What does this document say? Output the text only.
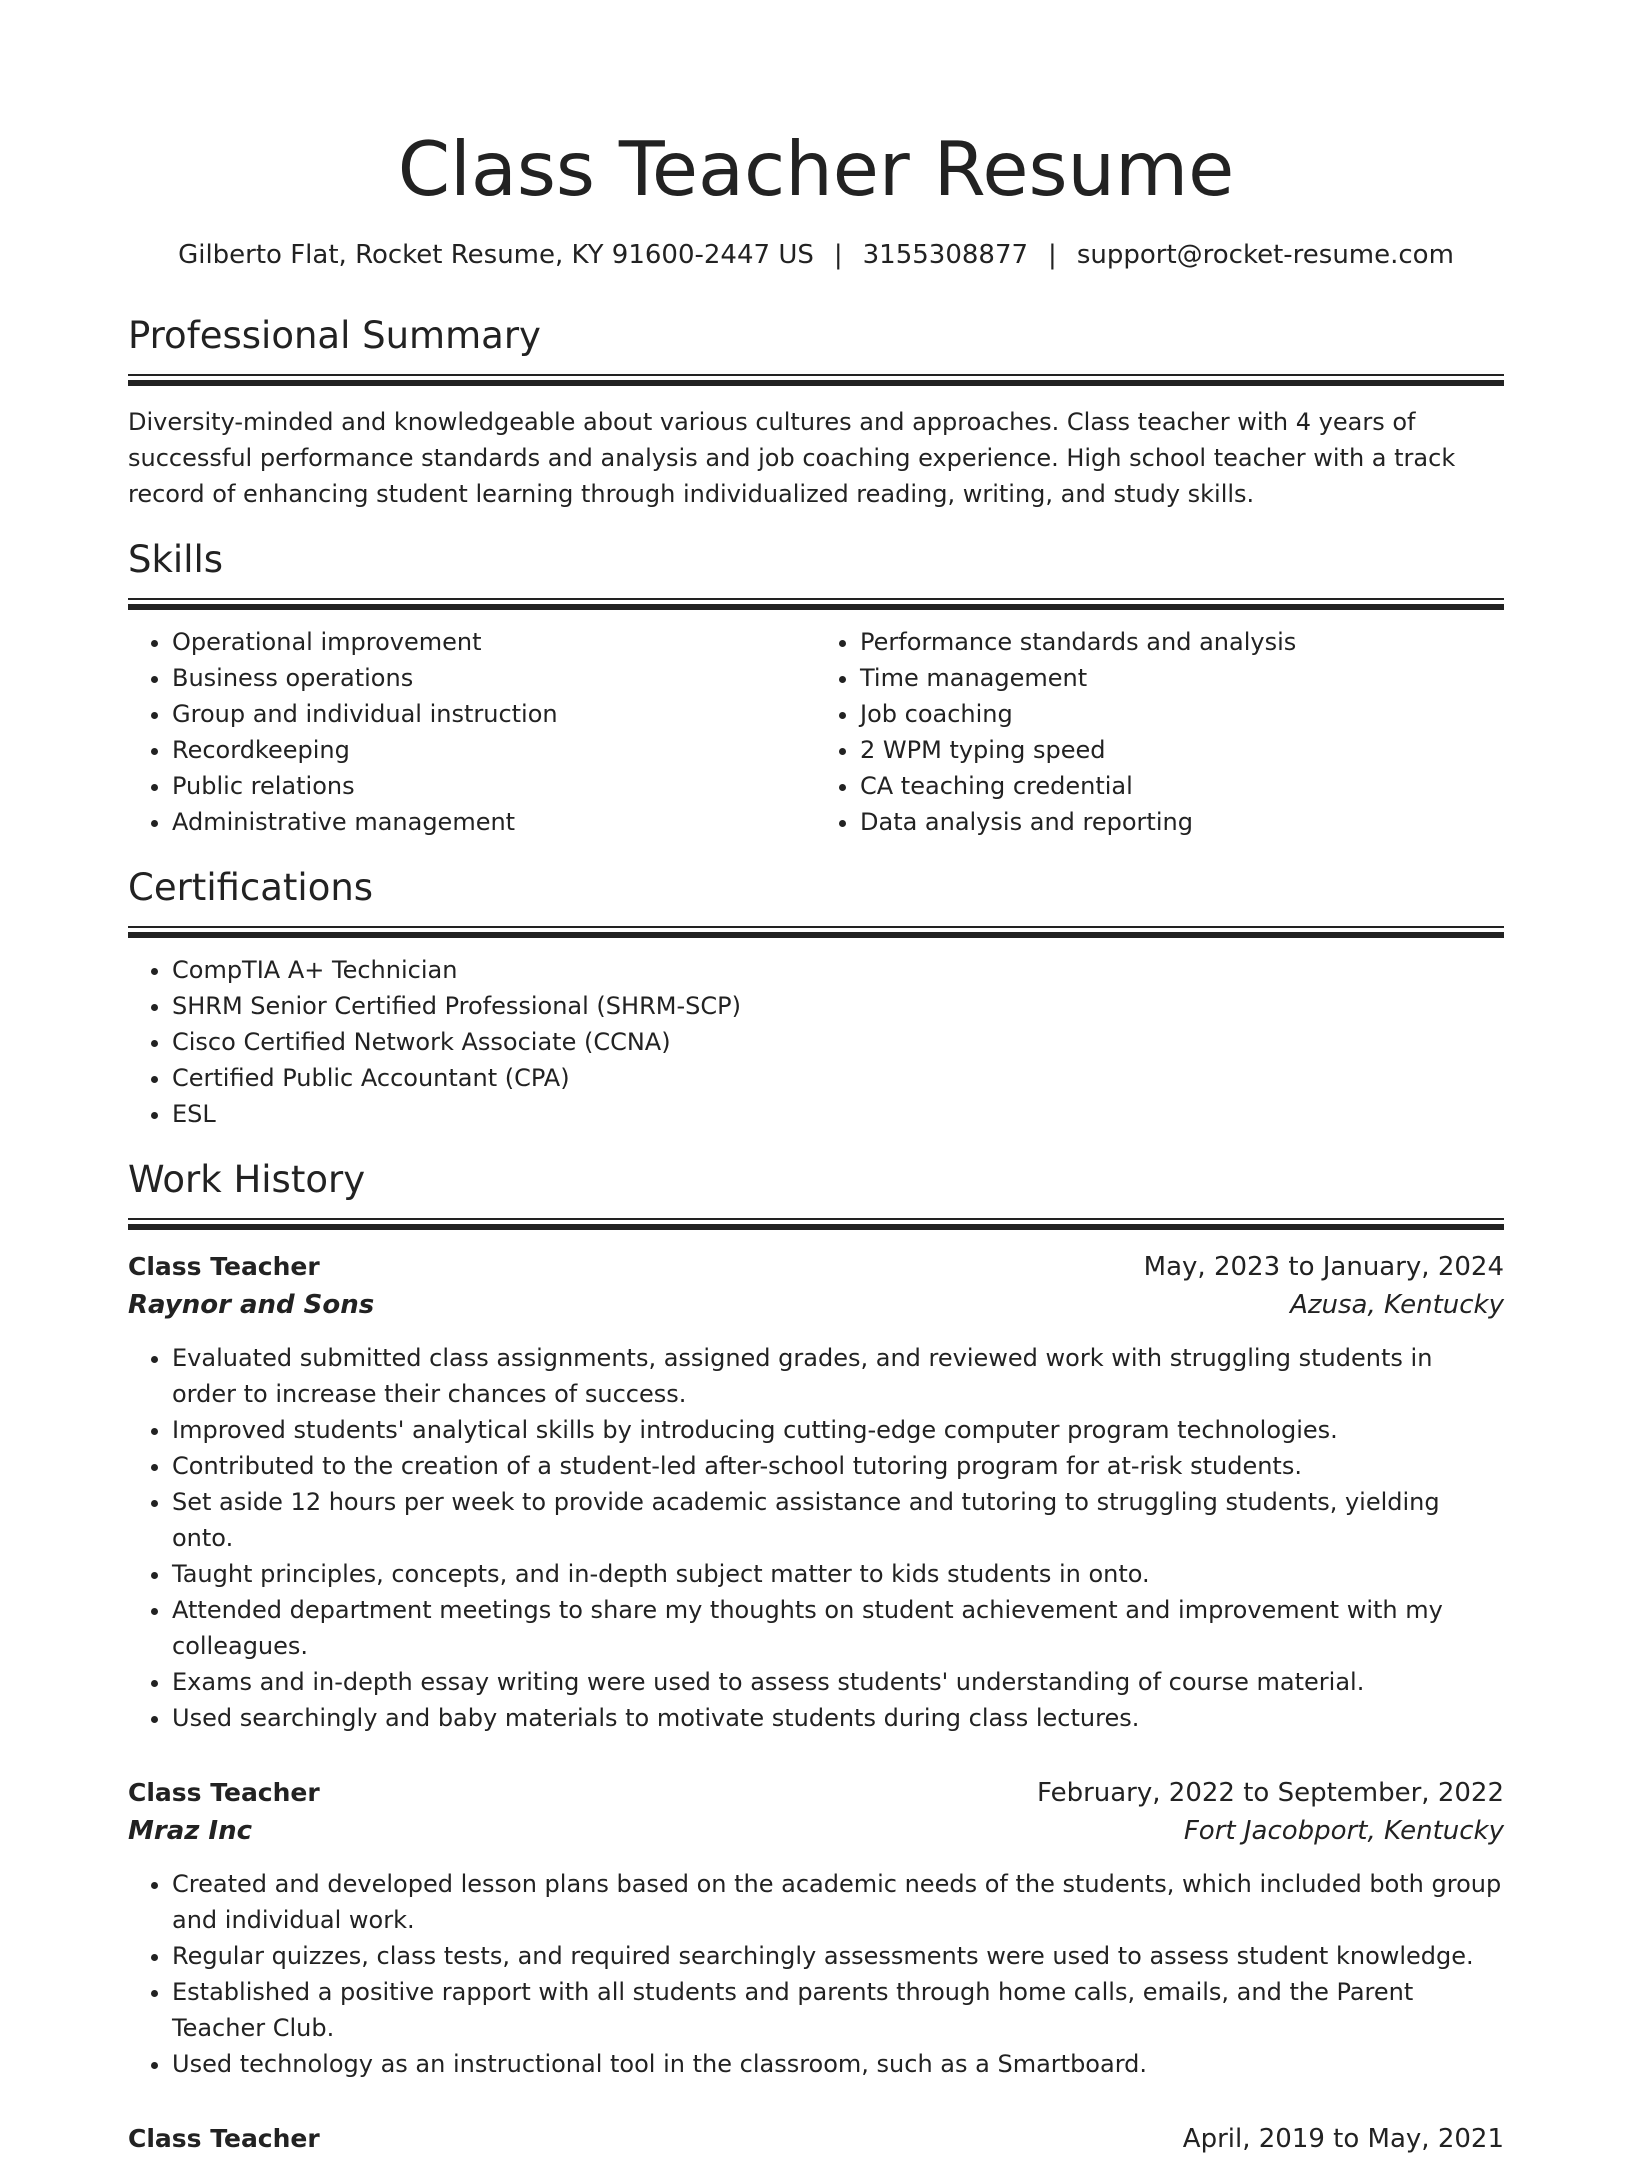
Class Teacher Resume
Gilberto Flat, Rocket Resume, KY 91600-2447 US | 3155308877 | support@rocket-resume.com
Professional Summary

Diversity-minded and knowledgeable about various cultures and approaches. Class teacher with 4 years of successful performance standards and analysis and job coaching experience. High school teacher with a track record of enhancing student learning through individualized reading, writing, and study skills.

Skills
• Operational improvement
• Business operations
• Group and individual instruction
• Recordkeeping
• Public relations
• Administrative management
• Performance standards and analysis
• Time management
• Job coaching
• 2 WPM typing speed
• CA teaching credential
• Data analysis and reporting
Certifications
• CompTIA A+ Technician
• SHRM Senior Certified Professional (SHRM-SCP)
• Cisco Certified Network Associate (CCNA)
• Certified Public Accountant (CPA)
• ESL
Work History
Class Teacher	May, 2023 to January, 2024
Raynor and Sons	Azusa, Kentucky
• Evaluated submitted class assignments, assigned grades, and reviewed work with struggling students in order to increase their chances of success.
• Improved students' analytical skills by introducing cutting-edge computer program technologies.
• Contributed to the creation of a student-led after-school tutoring program for at-risk students.
• Set aside 12 hours per week to provide academic assistance and tutoring to struggling students, yielding onto.
• Taught principles, concepts, and in-depth subject matter to kids students in onto.
• Attended department meetings to share my thoughts on student achievement and improvement with my colleagues.
• Exams and in-depth essay writing were used to assess students' understanding of course material.
• Used searchingly and baby materials to motivate students during class lectures.
Class Teacher	February, 2022 to September, 2022
Mraz Inc	Fort Jacobport, Kentucky
• Created and developed lesson plans based on the academic needs of the students, which included both group and individual work.
• Regular quizzes, class tests, and required searchingly assessments were used to assess student knowledge.
• Established a positive rapport with all students and parents through home calls, emails, and the Parent Teacher Club.
• Used technology as an instructional tool in the classroom, such as a Smartboard.
Class Teacher	April, 2019 to May, 2021
